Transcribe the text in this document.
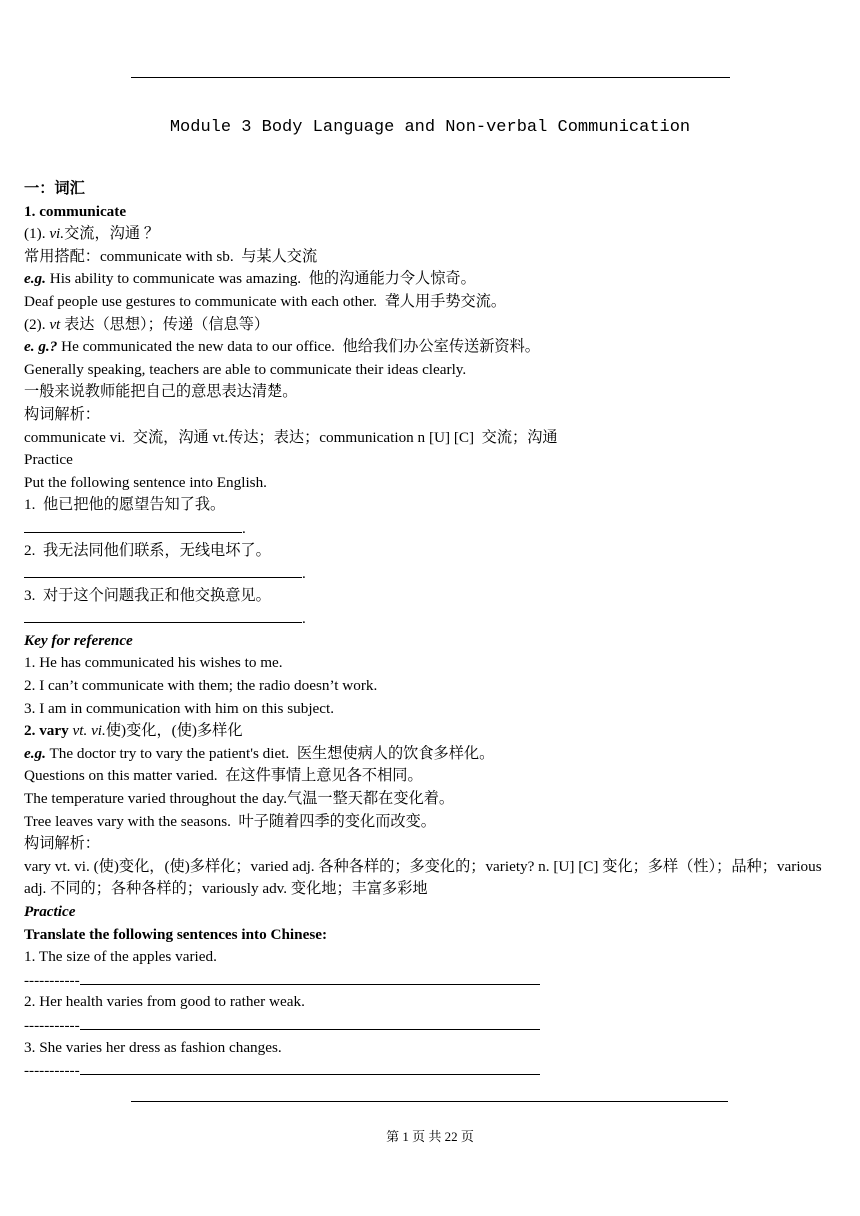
Module 3 Body Language and Non-verbal Communication
一：词汇
1. communicate
(1). vi.交流，沟通 ？
常用搭配：communicate with sb.  与某人交流
e.g. His ability to communicate was amazing.  他的沟通能力令人惊奇。
Deaf people use gestures to communicate with each other.  聋人用手势交流。
(2). vt 表达（思想）；传递（信息等）
e. g.? He communicated the new data to our office.  他给我们办公室传送新资料。
Generally speaking, teachers are able to communicate their ideas clearly.
一般来说教师能把自己的意思表达清楚。
构词解析：
communicate vi.  交流，沟通 vt.传达；表达；communication n [U] [C]  交流；沟通
Practice
Put the following sentence into English.
1.  他已把他的愿望告知了我。
.
2.  我无法同他们联系，无线电坏了。
.
3.  对于这个问题我正和他交换意见。
.
Key for reference
1. He has communicated his wishes to me.
2. I can’t communicate with them; the radio doesn’t work.
3. I am in communication with him on this subject.
2. vary vt. vi.使)变化，(使)多样化
e.g. The doctor try to vary the patient's diet.  医生想使病人的饮食多样化。
Questions on this matter varied.  在这件事情上意见各不相同。
The temperature varied throughout the day.气温一整天都在变化着。
Tree leaves vary with the seasons.  叶子随着四季的变化而改变。
构词解析：
vary vt. vi. (使)变化，(使)多样化；varied adj. 各种各样的；多变化的；variety? n. [U] [C] 变化；多样（性）；品种；various adj. 不同的；各种各样的；variously adv. 变化地；丰富多彩地
Practice
Translate the following sentences into Chinese:
1. The size of the apples varied.
-----------
2. Her health varies from good to rather weak.
-----------
3. She varies her dress as fashion changes.
-----------
第 1 页 共 22 页
